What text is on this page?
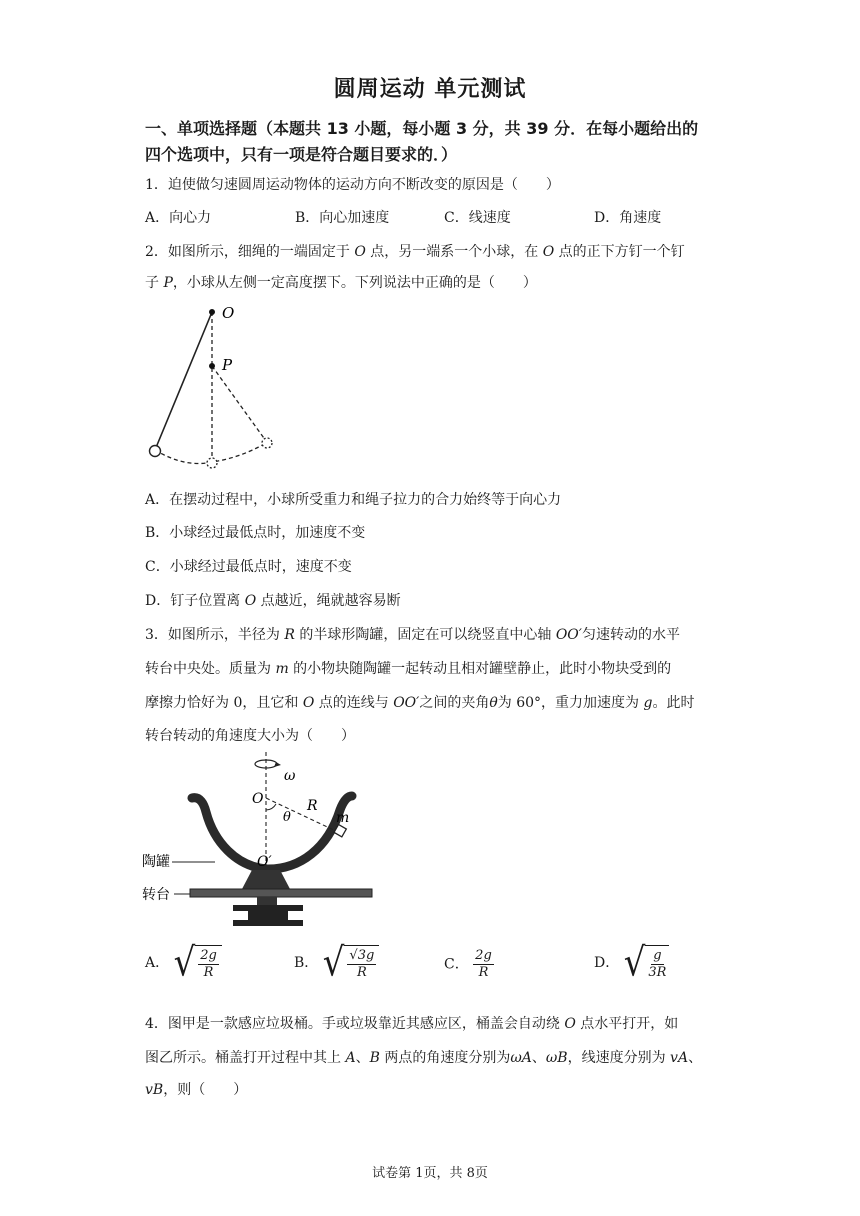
圆周运动 单元测试
一、单项选择题（本题共 13 小题，每小题 3 分，共 39 分．在每小题给出的
四个选项中，只有一项是符合题目要求的．）
1．迫使做匀速圆周运动物体的运动方向不断改变的原因是（　　）
A．向心力	B．向心加速度	C．线速度	D．角速度
2．如图所示，细绳的一端固定于 O 点，另一端系一个小球，在 O 点的正下方钉一个钉
子 P，小球从左侧一定高度摆下。下列说法中正确的是（　　）
O
P
A．在摆动过程中，小球所受重力和绳子拉力的合力始终等于向心力
B．小球经过最低点时，加速度不变
C．小球经过最低点时，速度不变
D．钉子位置离 O 点越近，绳就越容易断
3．如图所示，半径为 R 的半球形陶罐，固定在可以绕竖直中心轴 OO′匀速转动的水平
转台中央处。质量为 m 的小物块随陶罐一起转动且相对罐壁静止，此时小物块受到的
摩擦力恰好为 0，且它和 O 点的连线与 OO′之间的夹角θ为 60°，重力加速度为 g。此时
转台转动的角速度大小为（　　）
ω
O	R
θ	m
O′
陶罐
转台
A． √ $\frac{2g}{R}$	B． √ $\frac{√3g}{R}$	C． $\frac{2g}{R}$	D． √ $\frac{g}{3R}$
4．图甲是一款感应垃圾桶。手或垃圾靠近其感应区，桶盖会自动绕 O 点水平打开，如
图乙所示。桶盖打开过程中其上 A、B 两点的角速度分别为ωA、ωB，线速度分别为 vA、
vB，则（　　）
试卷第 1页，共 8页
